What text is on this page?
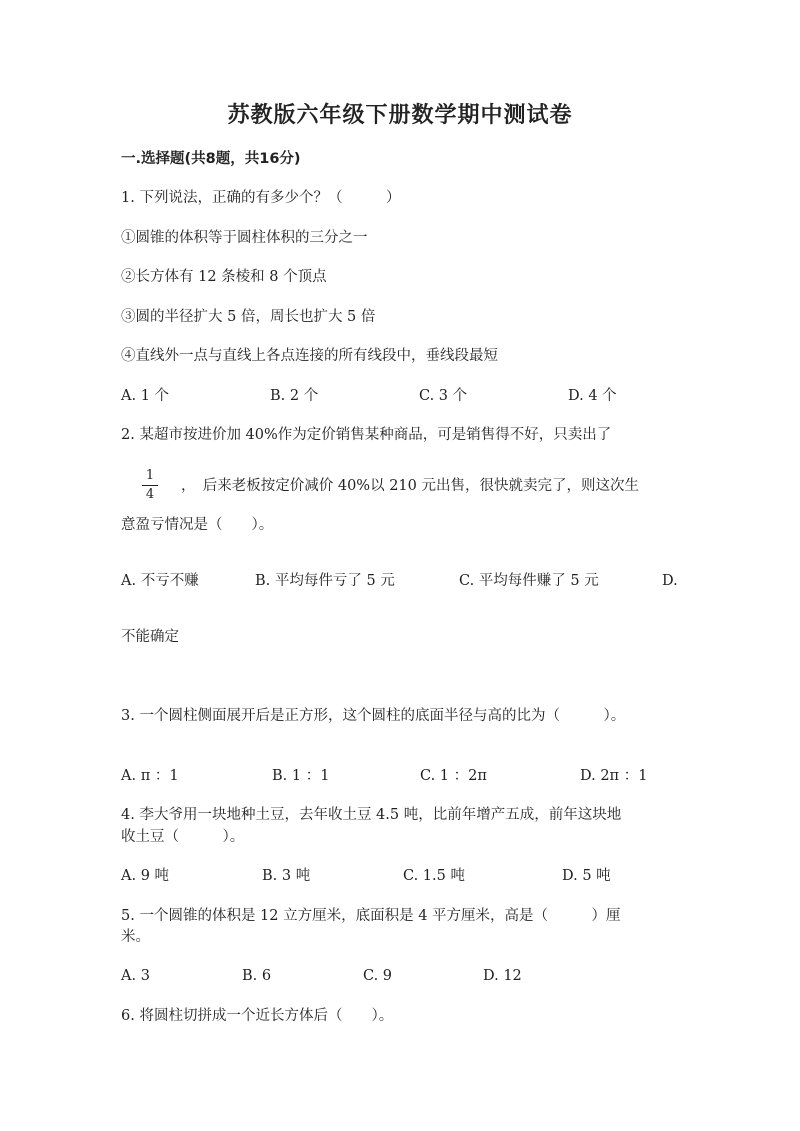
苏教版六年级下册数学期中测试卷
一.选择题(共8题，共16分)
1. 下列说法，正确的有多少个？（　　　）
①圆锥的体积等于圆柱体积的三分之一
②长方体有 12 条棱和 8 个顶点
③圆的半径扩大 5 倍，周长也扩大 5 倍
④直线外一点与直线上各点连接的所有线段中，垂线段最短
A. 1 个	B. 2 个	C. 3 个	D. 4 个
2. 某超市按进价加 40%作为定价销售某种商品，可是销售得不好，只卖出了
1
4
，　后来老板按定价减价 40%以 210 元出售，很快就卖完了，则这次生
意盈亏情况是（　　）。
A. 不亏不赚	B. 平均每件亏了 5 元	C. 平均每件赚了 5 元	D.
不能确定
3. 一个圆柱侧面展开后是正方形，这个圆柱的底面半径与高的比为（　　　）。
A. π ：1	B. 1 ：1	C. 1 ：2π	D. 2π ：1
4. 李大爷用一块地种土豆，去年收土豆 4.5 吨，比前年增产五成，前年这块地
收土豆（　　　）。
A. 9 吨	B. 3 吨	C. 1.5 吨	D. 5 吨
5. 一个圆锥的体积是 12 立方厘米，底面积是 4 平方厘米，高是（　　　）厘
米。
A. 3	B. 6	C. 9	D. 12
6. 将圆柱切拼成一个近长方体后（　　）。
